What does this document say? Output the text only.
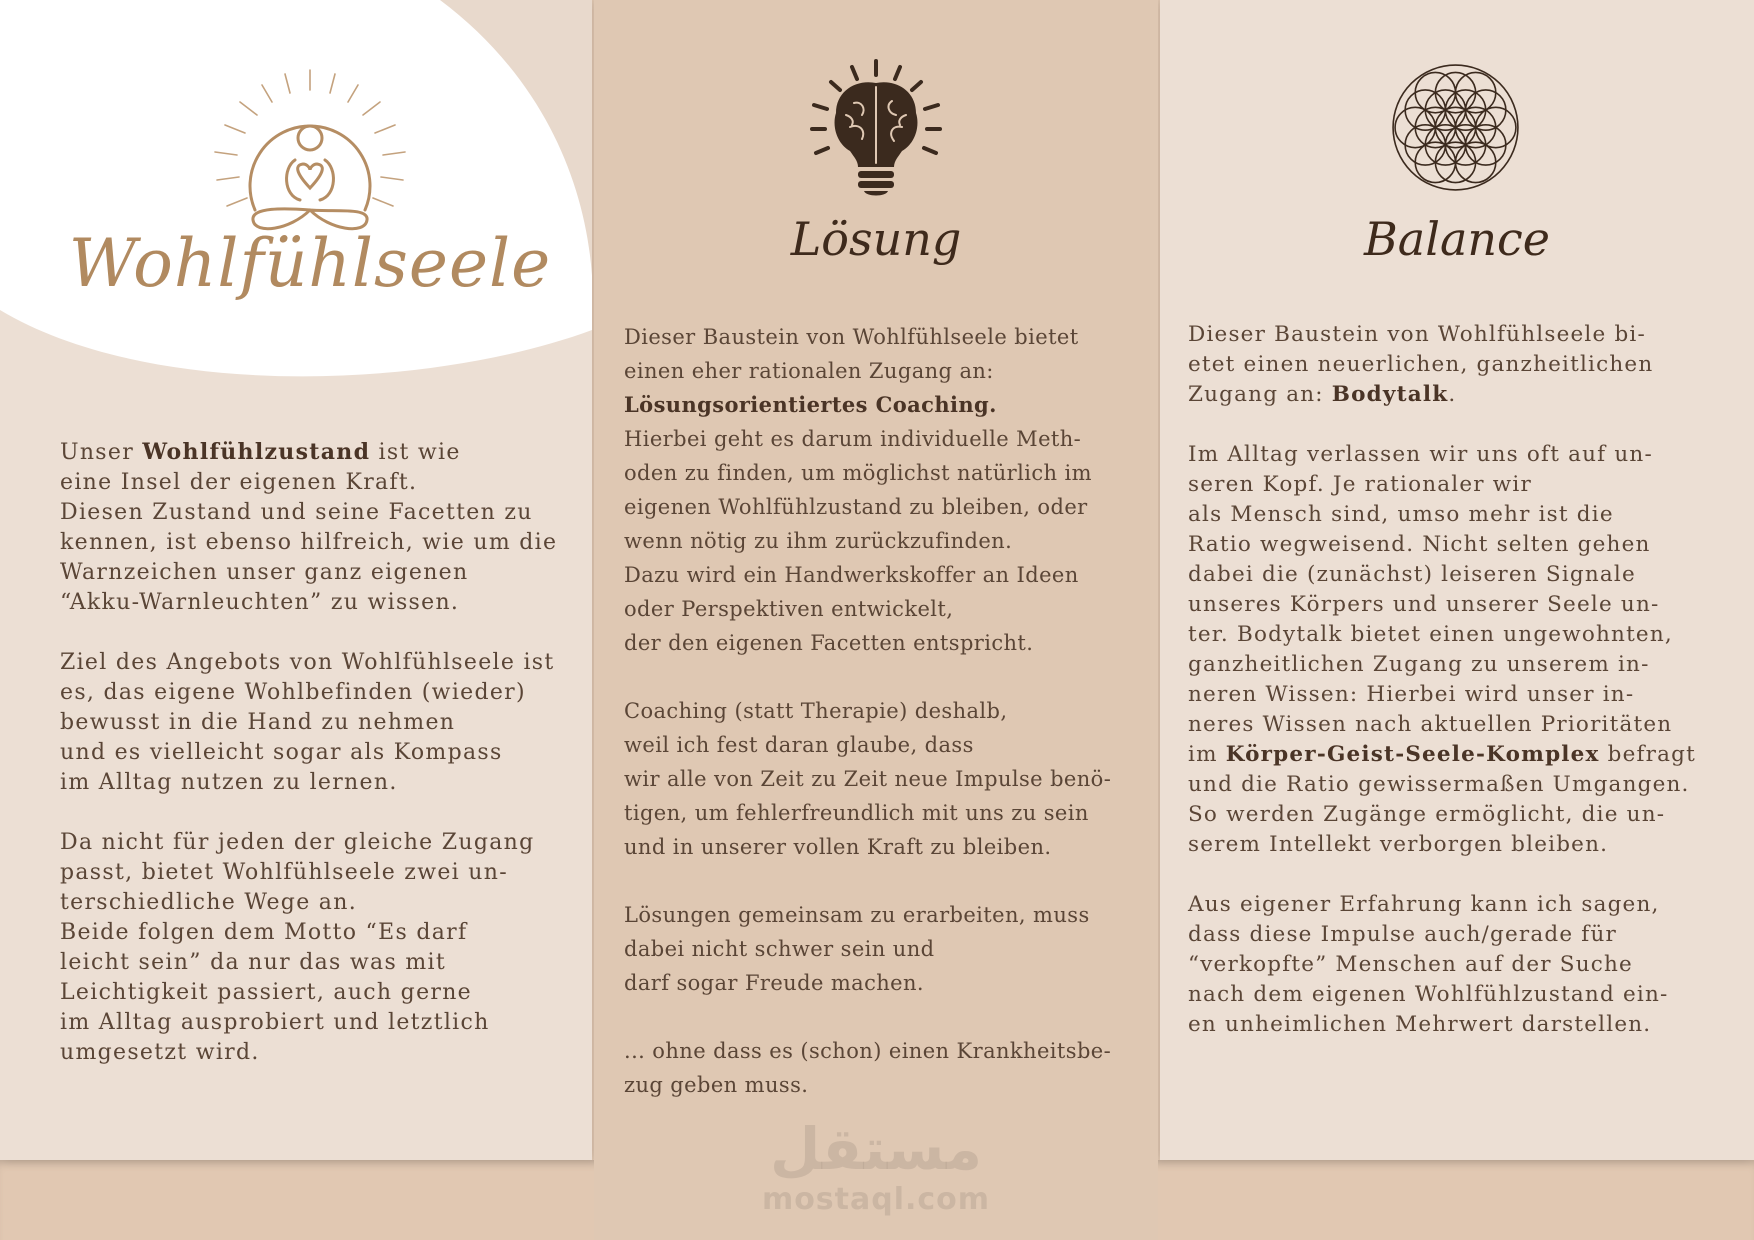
Wohlfühlseele

Unser Wohlfühlzustand ist wie
eine Insel der eigenen Kraft.
Diesen Zustand und seine Facetten zu
kennen, ist ebenso hilfreich, wie um die
Warnzeichen unser ganz eigenen
“Akku-Warnleuchten” zu wissen.

Ziel des Angebots von Wohlfühlseele ist
es, das eigene Wohlbefinden (wieder)
bewusst in die Hand zu nehmen
und es vielleicht sogar als Kompass
im Alltag nutzen zu lernen.

Da nicht für jeden der gleiche Zugang
passt, bietet Wohlfühlseele zwei un-
terschiedliche Wege an.
Beide folgen dem Motto “Es darf
leicht sein” da nur das was mit
Leichtigkeit passiert, auch gerne
im Alltag ausprobiert und letztlich
umgesetzt wird.

Lösung

Dieser Baustein von Wohlfühlseele bietet
einen eher rationalen Zugang an:
Lösungsorientiertes Coaching.
Hierbei geht es darum individuelle Meth-
oden zu finden, um möglichst natürlich im
eigenen Wohlfühlzustand zu bleiben, oder
wenn nötig zu ihm zurückzufinden.
Dazu wird ein Handwerkskoffer an Ideen
oder Perspektiven entwickelt,
der den eigenen Facetten entspricht.

Coaching (statt Therapie) deshalb,
weil ich fest daran glaube, dass
wir alle von Zeit zu Zeit neue Impulse benö-
tigen, um fehlerfreundlich mit uns zu sein
und in unserer vollen Kraft zu bleiben.

Lösungen gemeinsam zu erarbeiten, muss
dabei nicht schwer sein und
darf sogar Freude machen.

... ohne dass es (schon) einen Krankheitsbe-
zug geben muss.

مستقل
mostaql.com
Balance

Dieser Baustein von Wohlfühlseele bi-
etet einen neuerlichen, ganzheitlichen
Zugang an: Bodytalk.

Im Alltag verlassen wir uns oft auf un-
seren Kopf. Je rationaler wir
als Mensch sind, umso mehr ist die
Ratio wegweisend. Nicht selten gehen
dabei die (zunächst) leiseren Signale
unseres Körpers und unserer Seele un-
ter. Bodytalk bietet einen ungewohnten,
ganzheitlichen Zugang zu unserem in-
neren Wissen: Hierbei wird unser in-
neres Wissen nach aktuellen Prioritäten
im Körper-Geist-Seele-Komplex befragt
und die Ratio gewissermaßen Umgangen.
So werden Zugänge ermöglicht, die un-
serem Intellekt verborgen bleiben.

Aus eigener Erfahrung kann ich sagen,
dass diese Impulse auch/gerade für
“verkopfte” Menschen auf der Suche
nach dem eigenen Wohlfühlzustand ein-
en unheimlichen Mehrwert darstellen.
